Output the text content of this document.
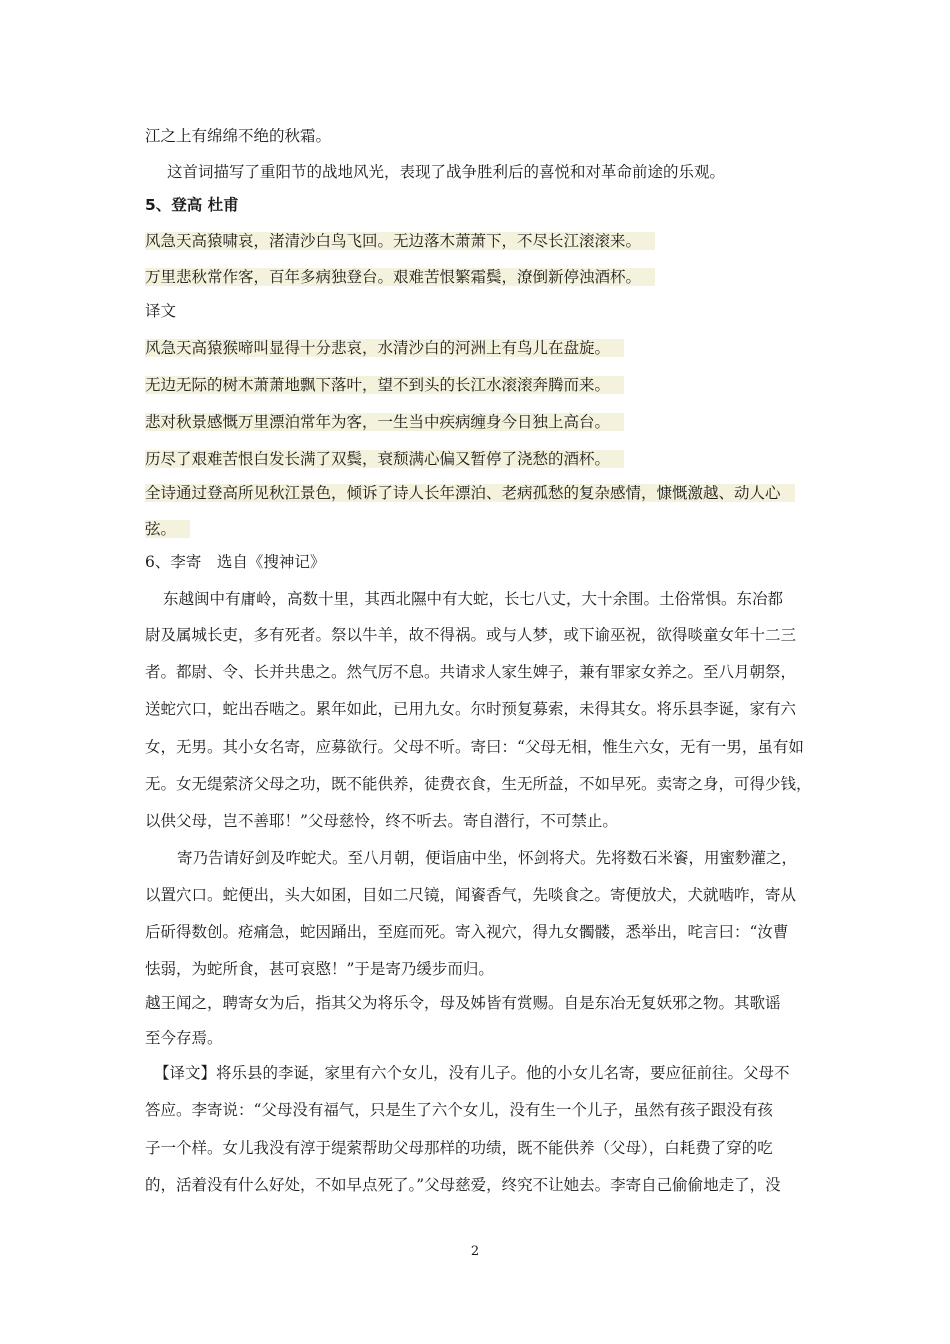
江之上有绵绵不绝的秋霜。
这首词描写了重阳节的战地风光，表现了战争胜利后的喜悦和对革命前途的乐观。
5、登高 杜甫
风急天高猿啸哀，渚清沙白鸟飞回。无边落木萧萧下，不尽长江滚滚来。
万里悲秋常作客，百年多病独登台。艰难苦恨繁霜鬓，潦倒新停浊酒杯。
译文
风急天高猿猴啼叫显得十分悲哀，水清沙白的河洲上有鸟儿在盘旋。
无边无际的树木萧萧地飘下落叶，望不到头的长江水滚滚奔腾而来。
悲对秋景感慨万里漂泊常年为客，一生当中疾病缠身今日独上高台。
历尽了艰难苦恨白发长满了双鬓，衰颓满心偏又暂停了浇愁的酒杯。
全诗通过登高所见秋江景色，倾诉了诗人长年漂泊、老病孤愁的复杂感情，慷慨激越、动人心
弦。
6、李寄　选自《搜神记》
东越闽中有庸岭，高数十里，其西北隰中有大蛇，长七八丈，大十余围。土俗常惧。东冶都
尉及属城长吏，多有死者。祭以牛羊，故不得祸。或与人梦，或下谕巫祝，欲得啖童女年十二三
者。都尉、令、长并共患之。然气厉不息。共请求人家生婢子，兼有罪家女养之。至八月朝祭，
送蛇穴口，蛇出吞啮之。累年如此，已用九女。尔时预复募索，未得其女。将乐县李诞，家有六
女，无男。其小女名寄，应募欲行。父母不听。寄曰：“父母无相，惟生六女，无有一男，虽有如
无。女无缇萦济父母之功，既不能供养，徒费衣食，生无所益，不如早死。卖寄之身，可得少钱，
以供父母，岂不善耶！”父母慈怜，终不听去。寄自潜行，不可禁止。
寄乃告请好剑及咋蛇犬。至八月朝，便诣庙中坐，怀剑将犬。先将数石米餈，用蜜麨灌之，
以置穴口。蛇便出，头大如囷，目如二尺镜，闻餈香气，先啖食之。寄便放犬，犬就啮咋，寄从
后斫得数创。疮痛急，蛇因踊出，至庭而死。寄入视穴，得九女髑髅，悉举出，咤言曰：“汝曹
怯弱，为蛇所食，甚可哀愍！”于是寄乃缓步而归。
越王闻之，聘寄女为后，指其父为将乐令，母及姊皆有赏赐。自是东冶无复妖邪之物。其歌谣
至今存焉。
【译文】将乐县的李诞，家里有六个女儿，没有儿子。他的小女儿名寄，要应征前往。父母不
答应。李寄说：“父母没有福气，只是生了六个女儿，没有生一个儿子，虽然有孩子跟没有孩
子一个样。女儿我没有淳于缇萦帮助父母那样的功绩，既不能供养（父母），白耗费了穿的吃
的，活着没有什么好处，不如早点死了。”父母慈爱，终究不让她去。李寄自己偷偷地走了，没
2
